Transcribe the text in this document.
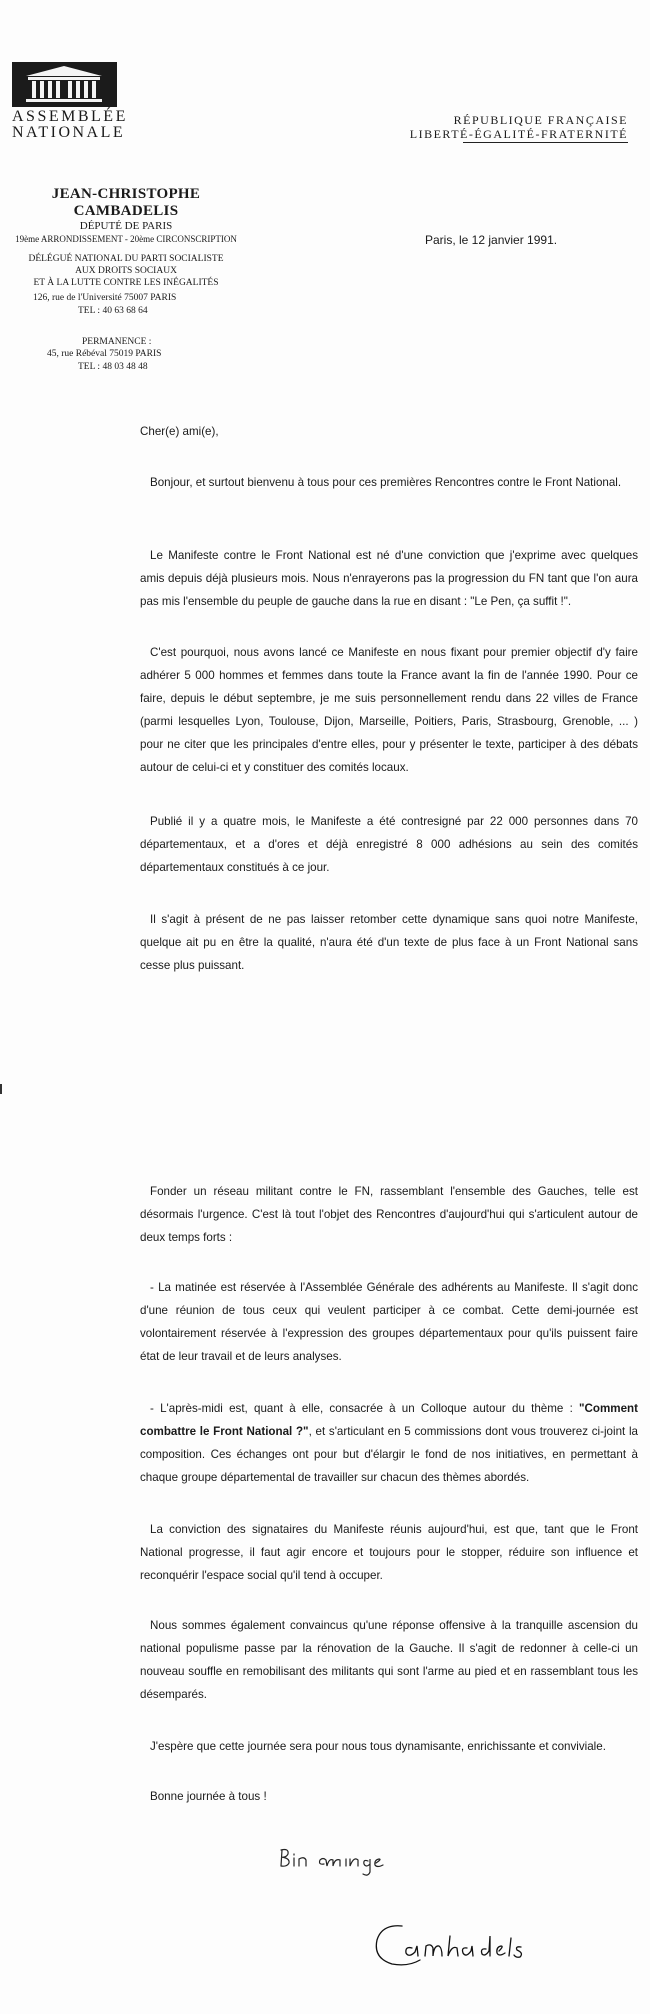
ASSEMBLÉE
NATIONALE
RÉPUBLIQUE FRANÇAISE
LIBERTÉ-ÉGALITÉ-FRATERNITÉ
JEAN-CHRISTOPHE CAMBADELIS
DÉPUTÉ DE PARIS
19ème ARRONDISSEMENT - 20ème CIRCONSCRIPTION
DÉLÉGUÉ NATIONAL DU PARTI SOCIALISTE
AUX DROITS SOCIAUX
ET À LA LUTTE CONTRE LES INÉGALITÉS
126, rue de l'Université 75007 PARIS
TEL : 40 63 68 64
PERMANENCE :
45, rue Rébéval 75019 PARIS
TEL : 48 03 48 48
Paris, le 12 janvier 1991.

Cher(e) ami(e),

Bonjour, et surtout bienvenu à tous pour ces premières Rencontres contre le Front National.

Le Manifeste contre le Front National est né d'une conviction que j'exprime avec quelques amis depuis déjà plusieurs mois. Nous n'enrayerons pas la progression du FN tant que l'on aura pas mis l'ensemble du peuple de gauche dans la rue en disant : "Le Pen, ça suffit !".

C'est pourquoi, nous avons lancé ce Manifeste en nous fixant pour premier objectif d'y faire adhérer 5 000 hommes et femmes dans toute la France avant la fin de l'année 1990. Pour ce faire, depuis le début septembre, je me suis personnellement rendu dans 22 villes de France (parmi lesquelles Lyon, Toulouse, Dijon, Marseille, Poitiers, Paris, Strasbourg, Grenoble, ... ) pour ne citer que les principales d'entre elles, pour y présenter le texte, participer à des débats autour de celui-ci et y constituer des comités locaux.

Publié il y a quatre mois, le Manifeste a été contresigné par 22 000 personnes dans 70 départementaux, et a d'ores et déjà enregistré 8 000 adhésions au sein des comités départementaux constitués à ce jour.

Il s'agit à présent de ne pas laisser retomber cette dynamique sans quoi notre Manifeste, quelque ait pu en être la qualité, n'aura été d'un texte de plus face à un Front National sans cesse plus puissant.

Fonder un réseau militant contre le FN, rassemblant l'ensemble des Gauches, telle est désormais l'urgence. C'est là tout l'objet des Rencontres d'aujourd'hui qui s'articulent autour de deux temps forts :

- La matinée est réservée à l'Assemblée Générale des adhérents au Manifeste. Il s'agit donc d'une réunion de tous ceux qui veulent participer à ce combat. Cette demi-journée est volontairement réservée à l'expression des groupes départementaux pour qu'ils puissent faire état de leur travail et de leurs analyses.

- L'après-midi est, quant à elle, consacrée à un Colloque autour du thème : "Comment combattre le Front National ?", et s'articulant en 5 commissions dont vous trouverez ci-joint la composition. Ces échanges ont pour but d'élargir le fond de nos initiatives, en permettant à chaque groupe départemental de travailler sur chacun des thèmes abordés.

La conviction des signataires du Manifeste réunis aujourd'hui, est que, tant que le Front National progresse, il faut agir encore et toujours pour le stopper, réduire son influence et reconquérir l'espace social qu'il tend à occuper.

Nous sommes également convaincus qu'une réponse offensive à la tranquille ascension du national populisme passe par la rénovation de la Gauche. Il s'agit de redonner à celle-ci un nouveau souffle en remobilisant des militants qui sont l'arme au pied et en rassemblant tous les désemparés.

J'espère que cette journée sera pour nous tous dynamisante, enrichissante et conviviale.

Bonne journée à tous !
